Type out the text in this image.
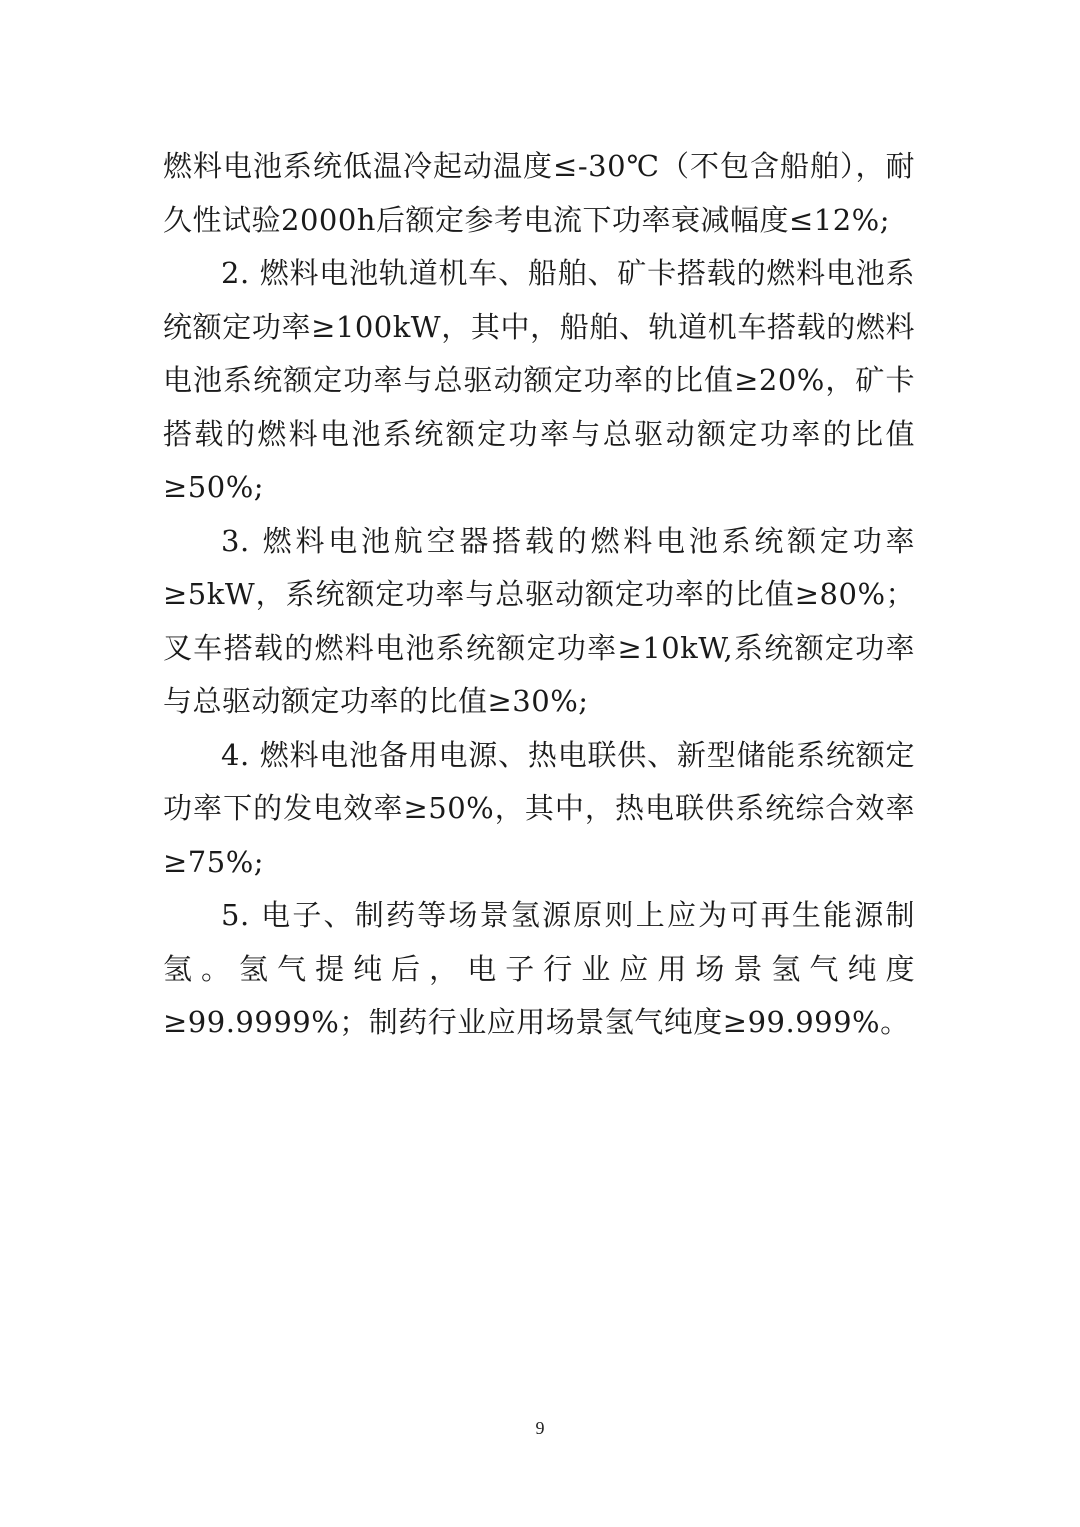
燃料电池系统低温冷起动温度≤-30℃（不包含船舶），耐久性试验2000h后额定参考电流下功率衰减幅度≤12%;

2. 燃料电池轨道机车、船舶、矿卡搭载的燃料电池系统额定功率≥100kW，其中，船舶、轨道机车搭载的燃料电池系统额定功率与总驱动额定功率的比值≥20%，矿卡搭载的燃料电池系统额定功率与总驱动额定功率的比值≥50%;

3. 燃料电池航空器搭载的燃料电池系统额定功率≥5kW，系统额定功率与总驱动额定功率的比值≥80%；叉车搭载的燃料电池系统额定功率≥10kW,系统额定功率与总驱动额定功率的比值≥30%;

4. 燃料电池备用电源、热电联供、新型储能系统额定功率下的发电效率≥50%，其中，热电联供系统综合效率≥75%;

5. 电子、制药等场景氢源原则上应为可再生能源制氢。氢气提纯后，电子行业应用场景氢气纯度≥99.9999%；制药行业应用场景氢气纯度≥99.999%。

9
